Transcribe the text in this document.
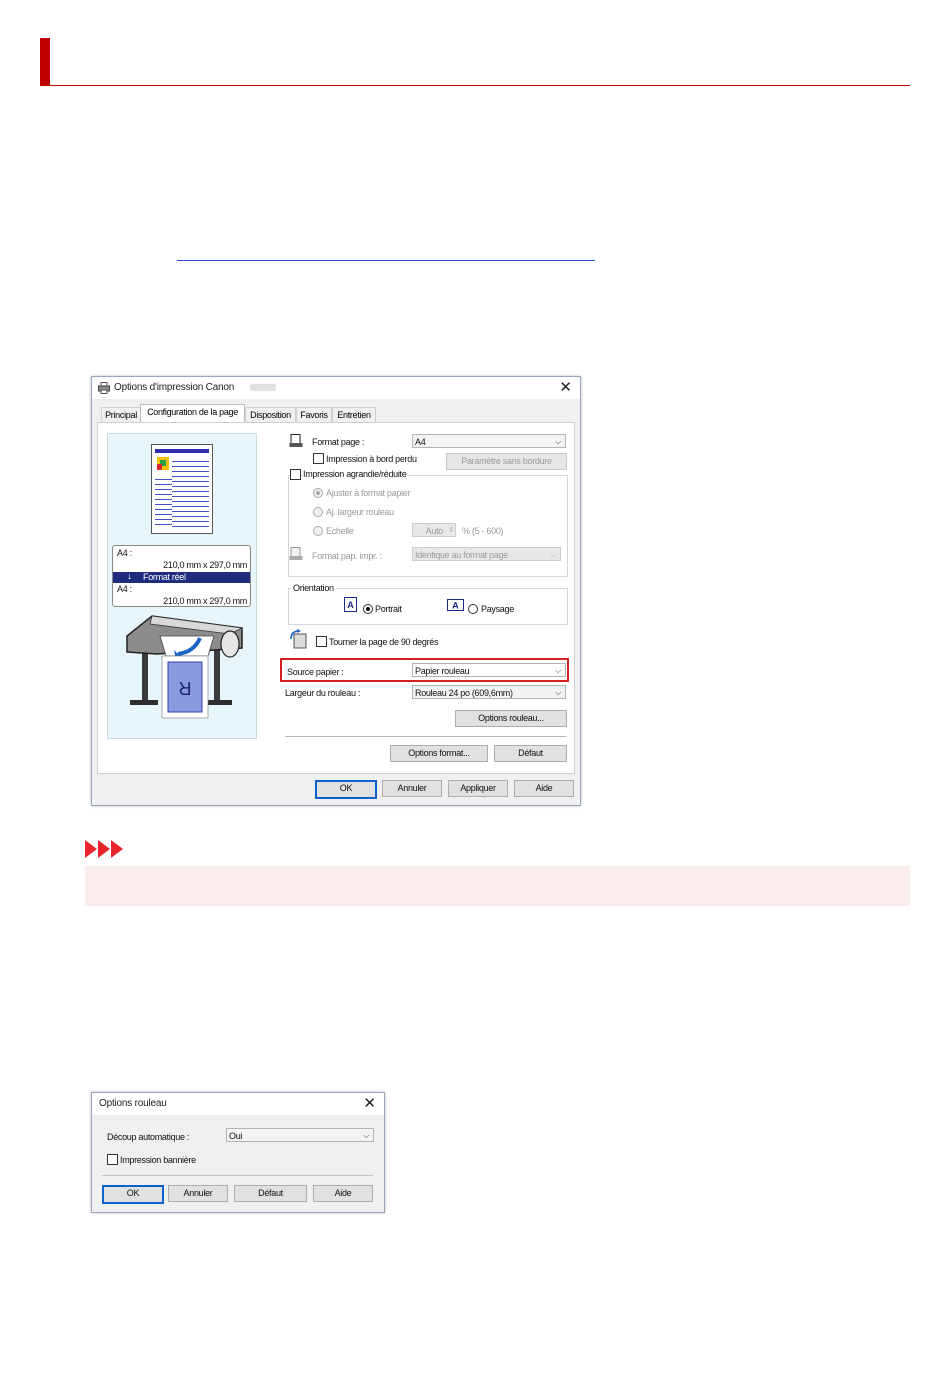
Options d'impression Canon	✕
Principal	Configuration de la page	Disposition	Favoris	Entretien
A4 :
210,0 mm x 297,0 mm
↓ Format réel
A4 :
210,0 mm x 297,0 mm
R
Format page :	A4	⌵
Impression à bord perdu	Paramètre sans bordure
Impression agrandie/réduite
Ajuster à format papier
Aj. largeur rouleau
Echelle	Auto ⇕ % (5 - 600)
Format pap. impr. :	Identique au format page	⌵
Orientation
A Portrait	A Paysage
Tourner la page de 90 degrés
Source papier :	Papier rouleau	⌵
Largeur du rouleau :	Rouleau 24 po (609,6mm)	⌵
Options rouleau...
Options format...	Défaut
OK	Annuler	Appliquer	Aide
Options rouleau	✕
Découp automatique :	Oui	⌵
Impression bannière
OK	Annuler	Défaut	Aide
